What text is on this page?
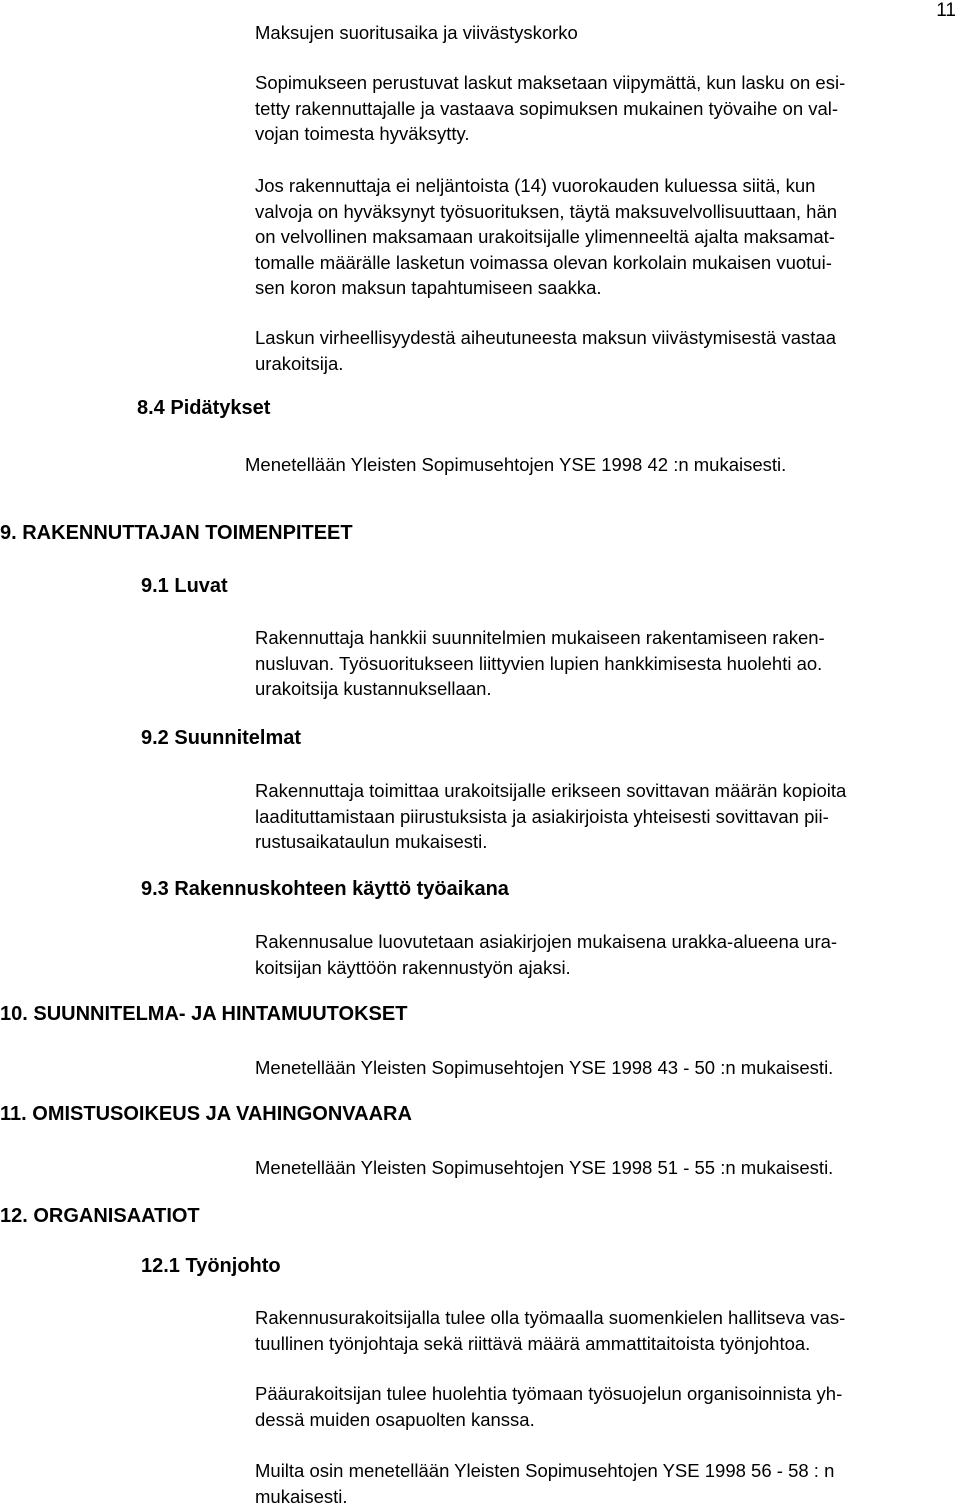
11
Maksujen suoritusaika ja viivästyskorko
Sopimukseen perustuvat laskut maksetaan viipymättä, kun lasku on esi-
tetty rakennuttajalle ja vastaava sopimuksen mukainen työvaihe on val-
vojan toimesta hyväksytty.
Jos rakennuttaja ei neljäntoista (14) vuorokauden kuluessa siitä, kun
valvoja on hyväksynyt työsuorituksen, täytä maksuvelvollisuuttaan, hän
on velvollinen maksamaan urakoitsijalle ylimenneeltä ajalta maksamat-
tomalle määrälle lasketun voimassa olevan korkolain mukaisen vuotui-
sen koron maksun tapahtumiseen saakka.
Laskun virheellisyydestä aiheutuneesta maksun viivästymisestä vastaa
urakoitsija.
8.4 Pidätykset
Menetellään Yleisten Sopimusehtojen YSE 1998 42 :n mukaisesti.
9. RAKENNUTTAJAN TOIMENPITEET
9.1 Luvat
Rakennuttaja hankkii suunnitelmien mukaiseen rakentamiseen raken-
nusluvan. Työsuoritukseen liittyvien lupien hankkimisesta huolehti ao.
urakoitsija kustannuksellaan.
9.2 Suunnitelmat
Rakennuttaja toimittaa urakoitsijalle erikseen sovittavan määrän kopioita
laadituttamistaan piirustuksista ja asiakirjoista yhteisesti sovittavan pii-
rustusaikataulun mukaisesti.
9.3 Rakennuskohteen käyttö työaikana
Rakennusalue luovutetaan asiakirjojen mukaisena urakka-alueena ura-
koitsijan käyttöön rakennustyön ajaksi.
10. SUUNNITELMA- JA HINTAMUUTOKSET
Menetellään Yleisten Sopimusehtojen YSE 1998 43 - 50 :n mukaisesti.
11. OMISTUSOIKEUS JA VAHINGONVAARA
Menetellään Yleisten Sopimusehtojen YSE 1998 51 - 55 :n mukaisesti.
12. ORGANISAATIOT
12.1 Työnjohto
Rakennusurakoitsijalla tulee olla työmaalla suomenkielen hallitseva vas-
tuullinen työnjohtaja sekä riittävä määrä ammattitaitoista työnjohtoa.
Pääurakoitsijan tulee huolehtia työmaan työsuojelun organisoinnista yh-
dessä muiden osapuolten kanssa.
Muilta osin menetellään Yleisten Sopimusehtojen YSE 1998 56 - 58 : n
mukaisesti.
